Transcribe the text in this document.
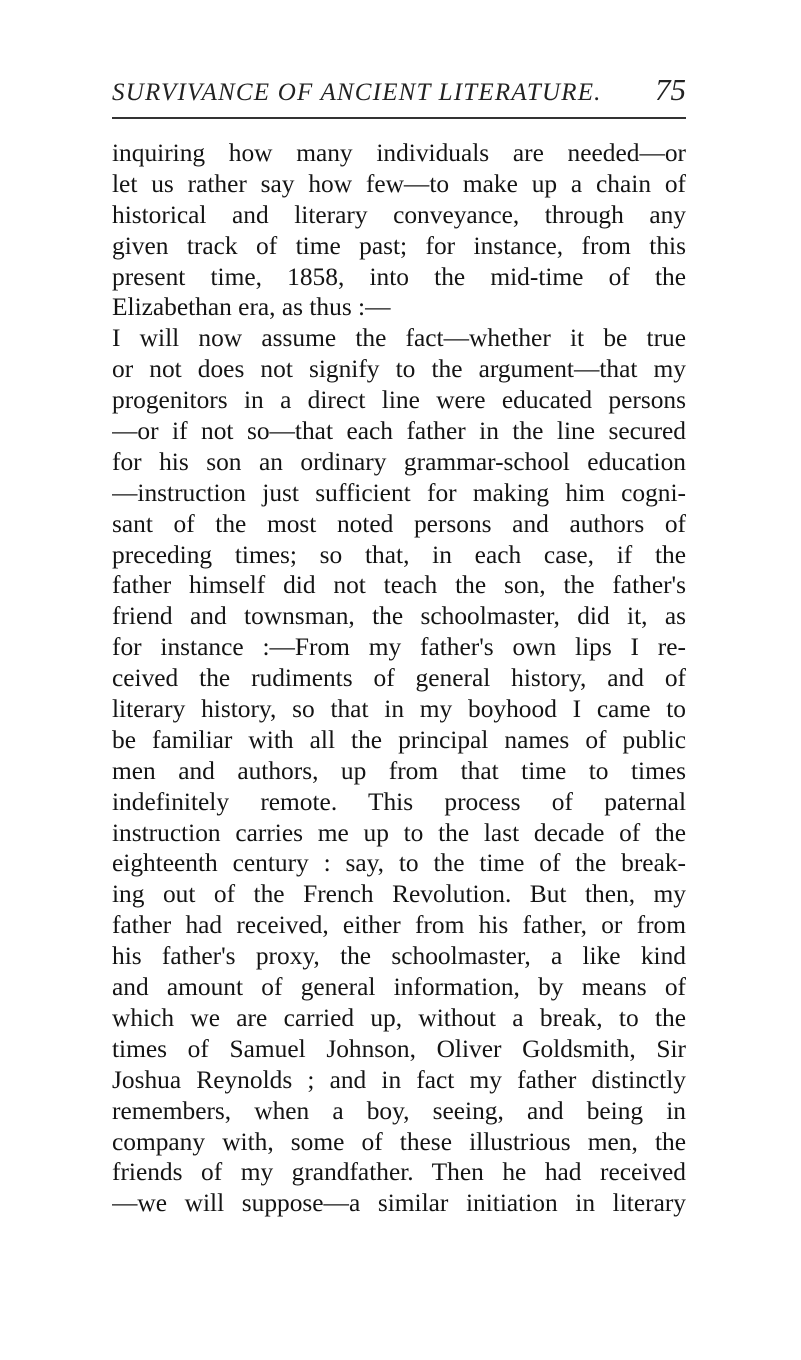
SURVIVANCE OF ANCIENT LITERATURE. 75
inquiring how many individuals are needed—or
let us rather say how few—to make up a chain of
historical and literary conveyance, through any
given track of time past; for instance, from this
present time, 1858, into the mid-time of the
Elizabethan era, as thus :—
I will now assume the fact—whether it be true
or not does not signify to the argument—that my
progenitors in a direct line were educated persons
—or if not so—that each father in the line secured
for his son an ordinary grammar-school education
—instruction just sufficient for making him cogni-
sant of the most noted persons and authors of
preceding times; so that, in each case, if the
father himself did not teach the son, the father's
friend and townsman, the schoolmaster, did it, as
for instance :—From my father's own lips I re-
ceived the rudiments of general history, and of
literary history, so that in my boyhood I came to
be familiar with all the principal names of public
men and authors, up from that time to times
indefinitely remote. This process of paternal
instruction carries me up to the last decade of the
eighteenth century : say, to the time of the break-
ing out of the French Revolution. But then, my
father had received, either from his father, or from
his father's proxy, the schoolmaster, a like kind
and amount of general information, by means of
which we are carried up, without a break, to the
times of Samuel Johnson, Oliver Goldsmith, Sir
Joshua Reynolds ; and in fact my father distinctly
remembers, when a boy, seeing, and being in
company with, some of these illustrious men, the
friends of my grandfather. Then he had received
—we will suppose—a similar initiation in literary
